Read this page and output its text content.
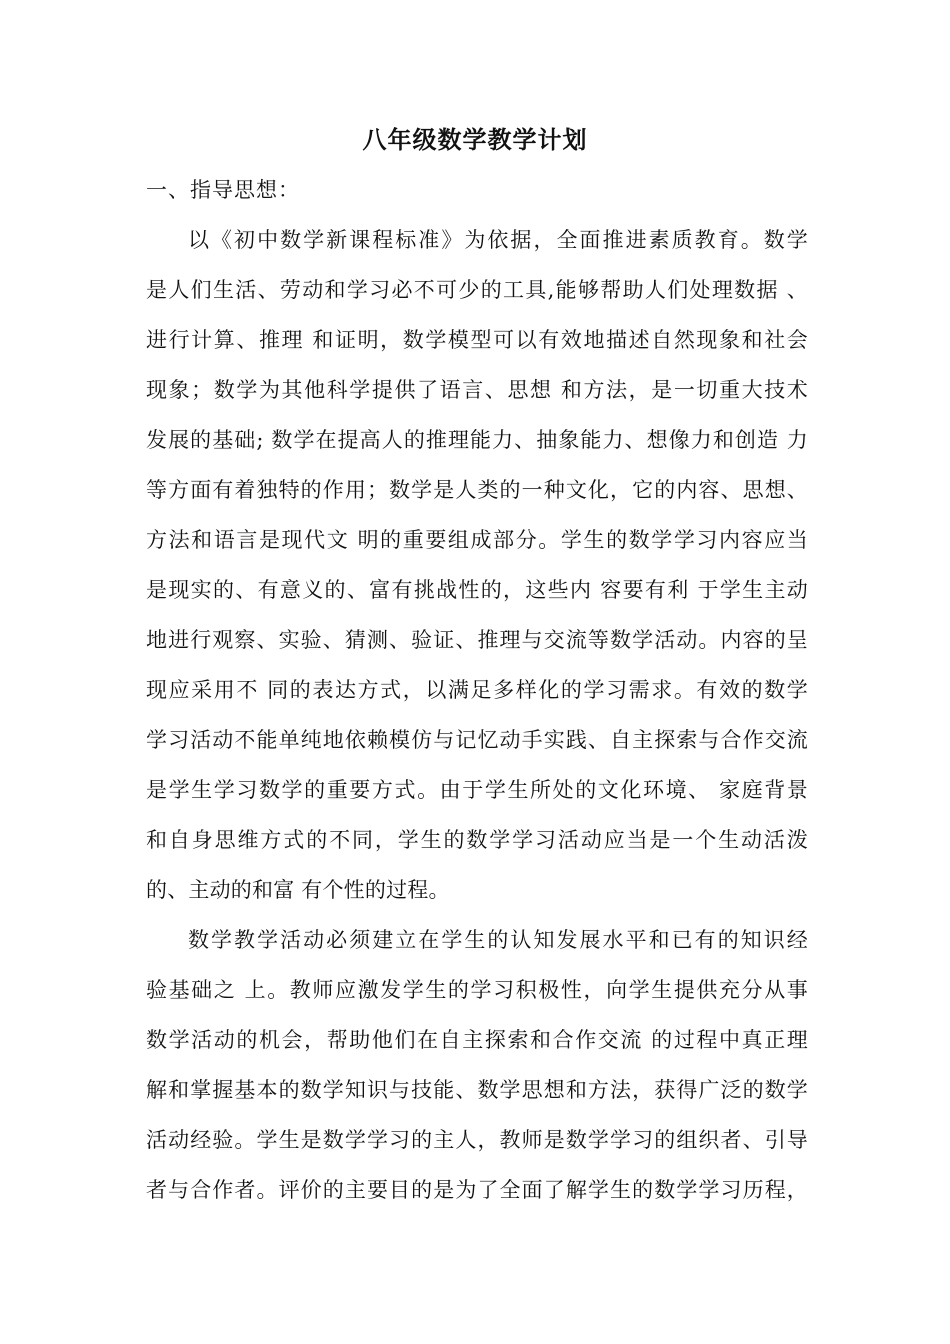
八年级数学教学计划
一、指导思想：
以《初中数学新课程标准》为依据，全面推进素质教育。数学
是人们生活、劳动和学习必不可少的工具,能够帮助人们处理数据 、
进行计算、推理 和证明，数学模型可以有效地描述自然现象和社会
现象；数学为其他科学提供了语言、思想 和方法，是一切重大技术
发展的基础; 数学在提高人的推理能力、抽象能力、想像力和创造 力
等方面有着独特的作用；数学是人类的一种文化，它的内容、思想、
方法和语言是现代文 明的重要组成部分。学生的数学学习内容应当
是现实的、有意义的、富有挑战性的，这些内 容要有利 于学生主动
地进行观察、实验、猜测、验证、推理与交流等数学活动。内容的呈
现应采用不 同的表达方式，以满足多样化的学习需求。有效的数学
学习活动不能单纯地依赖模仿与记忆动手实践、自主探索与合作交流
是学生学习数学的重要方式。由于学生所处的文化环境、 家庭背景
和自身思维方式的不同，学生的数学学习活动应当是一个生动活泼
的、主动的和富 有个性的过程。
数学教学活动必须建立在学生的认知发展水平和已有的知识经
验基础之 上。教师应激发学生的学习积极性，向学生提供充分从事
数学活动的机会，帮助他们在自主探索和合作交流 的过程中真正理
解和掌握基本的数学知识与技能、数学思想和方法，获得广泛的数学
活动经验。学生是数学学习的主人，教师是数学学习的组织者、引导
者与合作者。评价的主要目的是为了全面了解学生的数学学习历程，
